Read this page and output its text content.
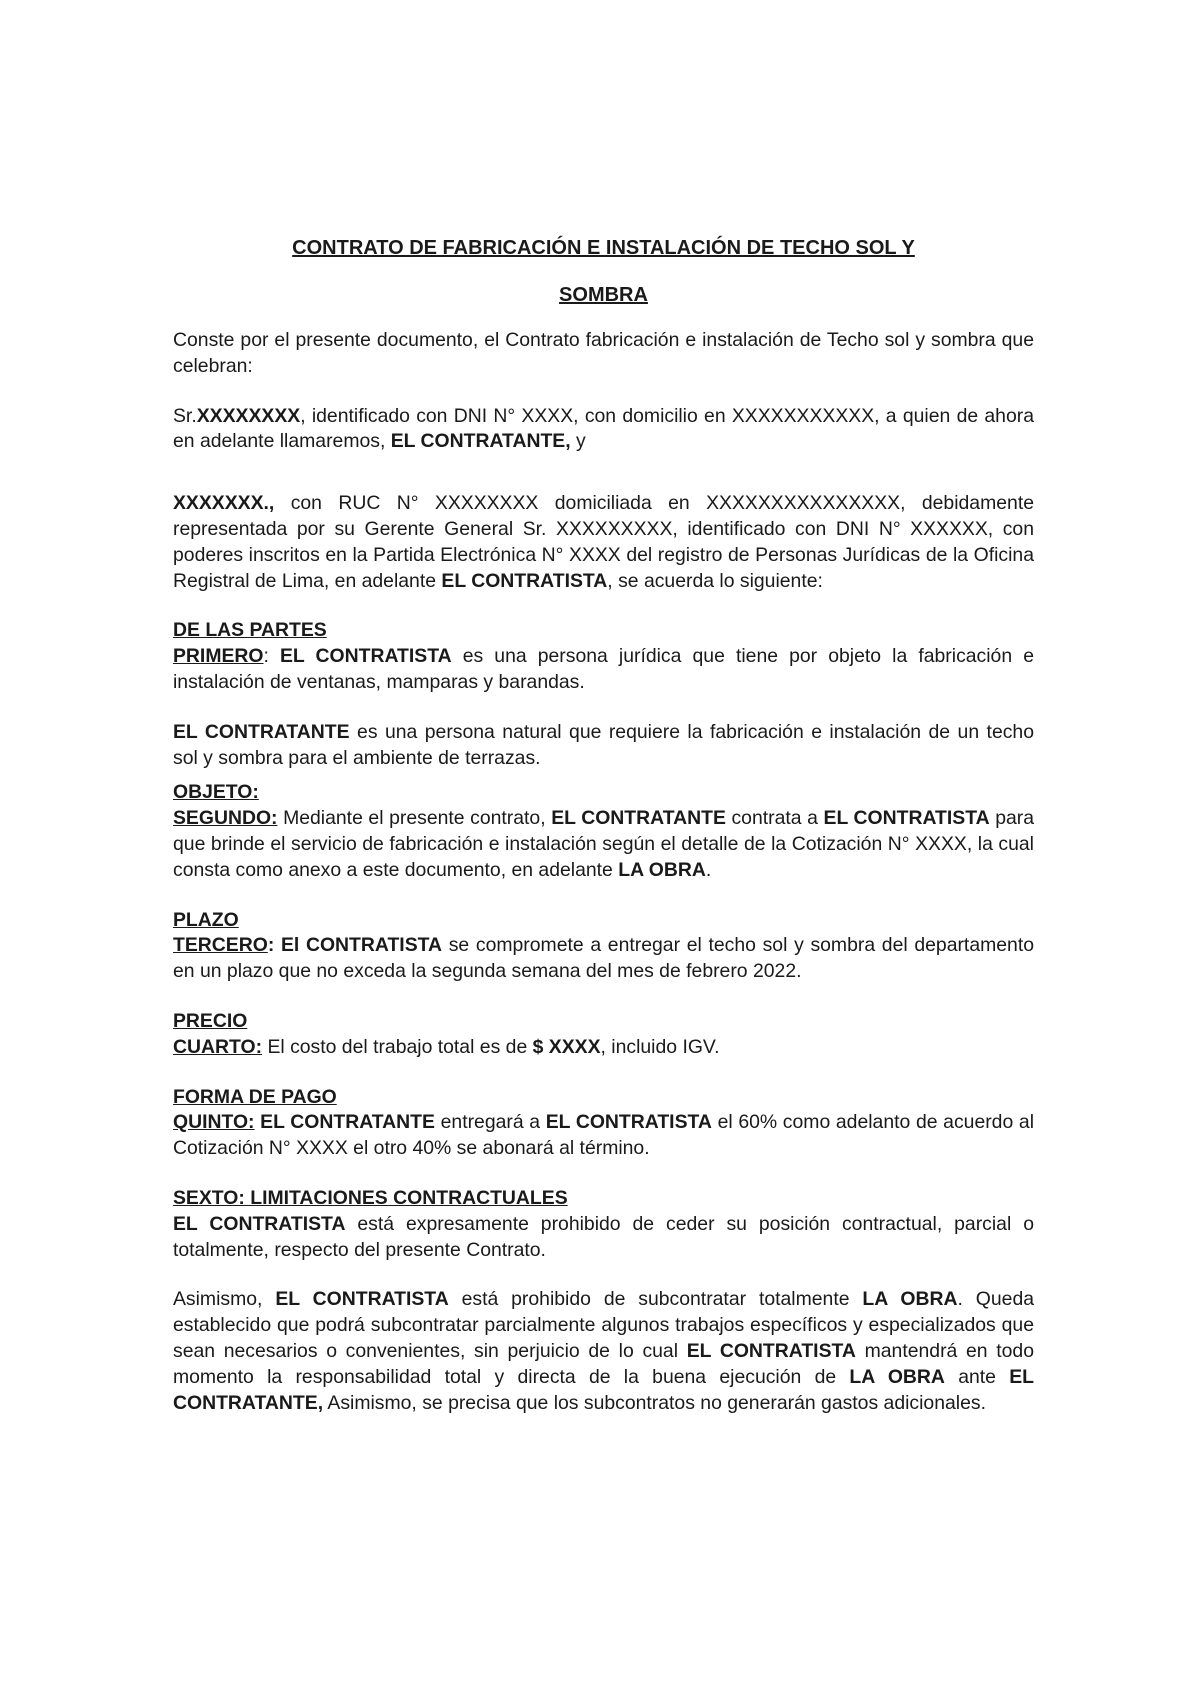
CONTRATO DE FABRICACIÓN E INSTALACIÓN DE TECHO SOL Y
SOMBRA

Conste por el presente documento, el Contrato fabricación e instalación de Techo sol y sombra que celebran:

Sr.XXXXXXXX, identificado con DNI N° XXXX, con domicilio en XXXXXXXXXXX, a quien de ahora en adelante llamaremos, EL CONTRATANTE, y

XXXXXXX., con RUC N° XXXXXXXX domiciliada en XXXXXXXXXXXXXXX, debidamente representada por su Gerente General Sr. XXXXXXXXX, identificado con DNI N° XXXXXX, con poderes inscritos en la Partida Electrónica N° XXXX del registro de Personas Jurídicas de la Oficina Registral de Lima, en adelante EL CONTRATISTA, se acuerda lo siguiente:

DE LAS PARTES

PRIMERO: EL CONTRATISTA es una persona jurídica que tiene por objeto la fabricación e instalación de ventanas, mamparas y barandas.

EL CONTRATANTE es una persona natural que requiere la fabricación e instalación de un techo sol y sombra para el ambiente de terrazas.

OBJETO:

SEGUNDO: Mediante el presente contrato, EL CONTRATANTE contrata a EL CONTRATISTA para que brinde el servicio de fabricación e instalación según el detalle de la Cotización N° XXXX, la cual consta como anexo a este documento, en adelante LA OBRA.

PLAZO

TERCERO: El CONTRATISTA se compromete a entregar el techo sol y sombra del departamento en un plazo que no exceda la segunda semana del mes de febrero 2022.

PRECIO

CUARTO: El costo del trabajo total es de $ XXXX, incluido IGV.

FORMA DE PAGO

QUINTO: EL CONTRATANTE entregará a EL CONTRATISTA el 60% como adelanto de acuerdo al Cotización N° XXXX el otro 40% se abonará al término.

SEXTO: LIMITACIONES CONTRACTUALES

EL CONTRATISTA está expresamente prohibido de ceder su posición contractual, parcial o totalmente, respecto del presente Contrato.

Asimismo, EL CONTRATISTA está prohibido de subcontratar totalmente LA OBRA. Queda establecido que podrá subcontratar parcialmente algunos trabajos específicos y especializados que sean necesarios o convenientes, sin perjuicio de lo cual EL CONTRATISTA mantendrá en todo momento la responsabilidad total y directa de la buena ejecución de LA OBRA ante EL CONTRATANTE, Asimismo, se precisa que los subcontratos no generarán gastos adicionales.
